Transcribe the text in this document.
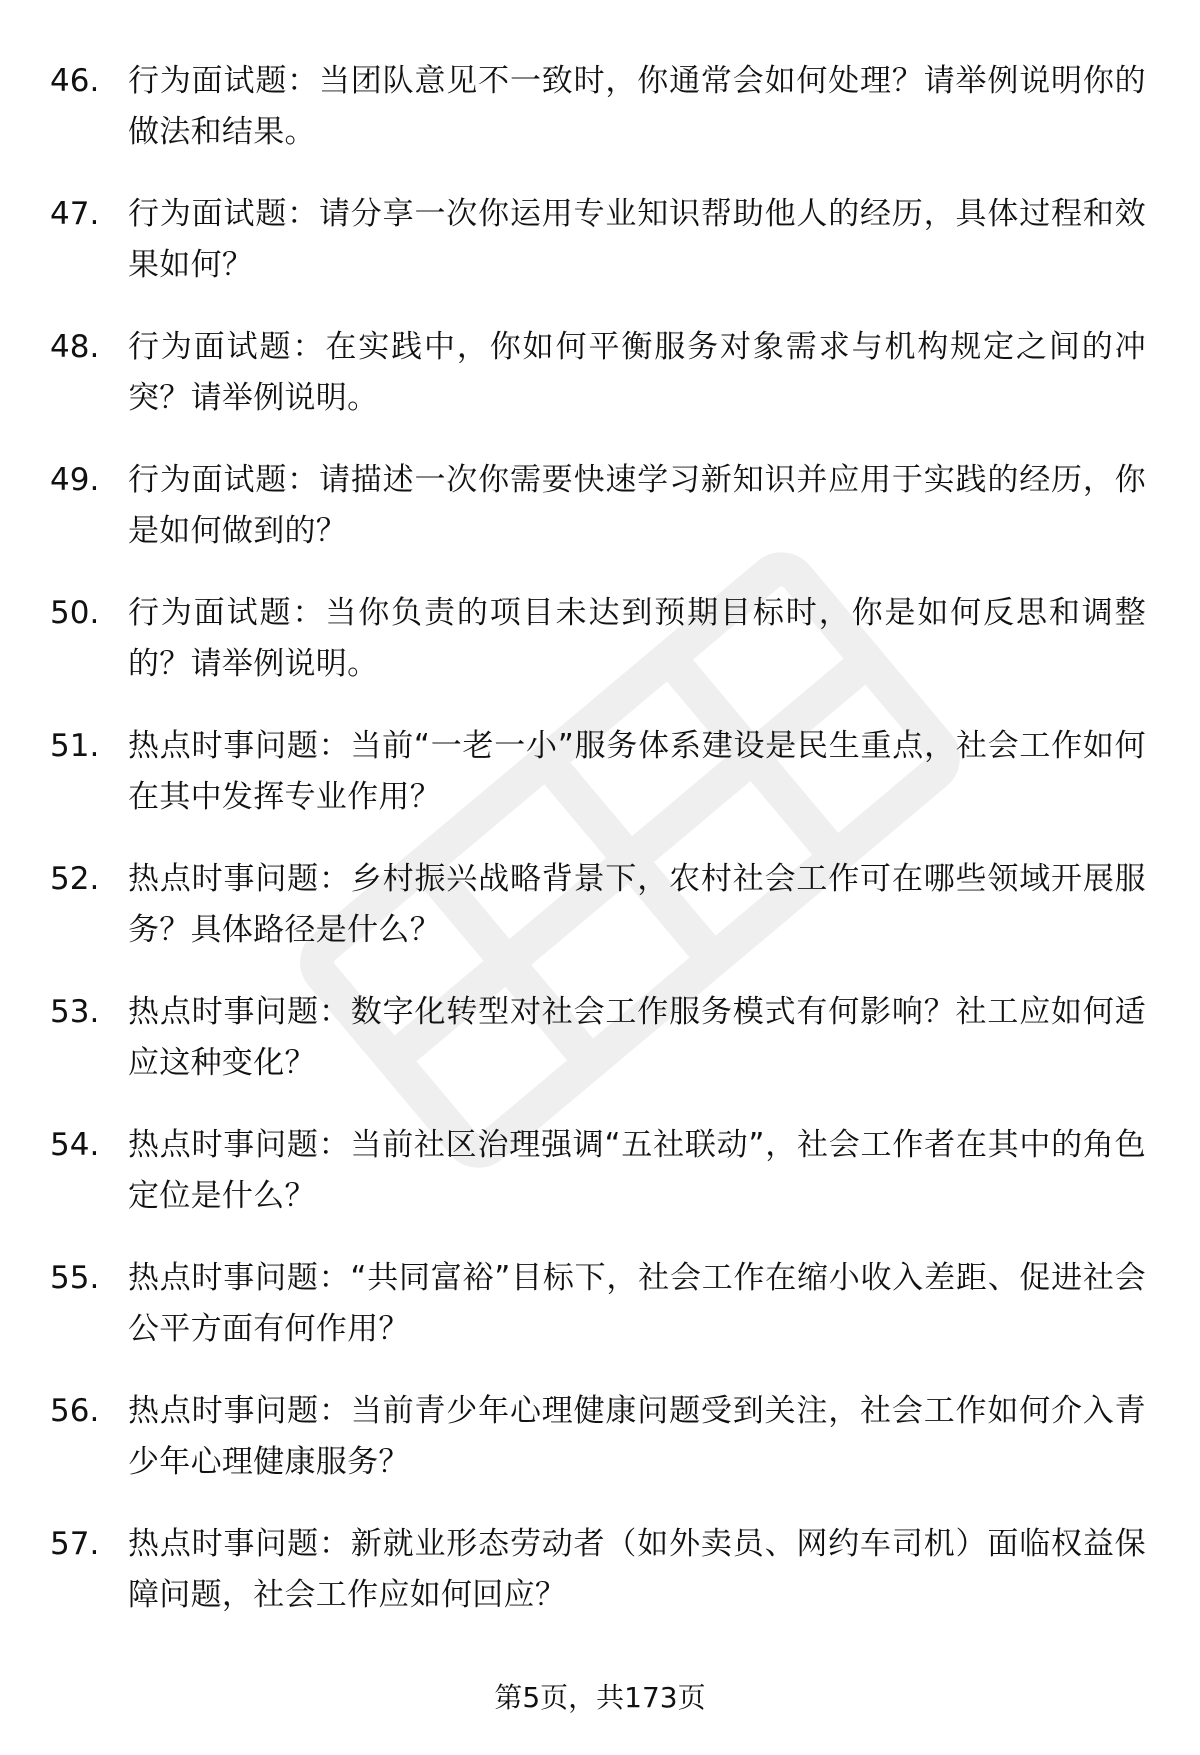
46. 行为面试题：当团队意见不一致时，你通常会如何处理？请举例说明你的做法和结果。
47. 行为面试题：请分享一次你运用专业知识帮助他人的经历，具体过程和效果如何？
48. 行为面试题：在实践中，你如何平衡服务对象需求与机构规定之间的冲突？请举例说明。
49. 行为面试题：请描述一次你需要快速学习新知识并应用于实践的经历，你是如何做到的？
50. 行为面试题：当你负责的项目未达到预期目标时，你是如何反思和调整的？请举例说明。
51. 热点时事问题：当前“一老一小”服务体系建设是民生重点，社会工作如何在其中发挥专业作用？
52. 热点时事问题：乡村振兴战略背景下，农村社会工作可在哪些领域开展服务？具体路径是什么？
53. 热点时事问题：数字化转型对社会工作服务模式有何影响？社工应如何适应这种变化？
54. 热点时事问题：当前社区治理强调“五社联动”，社会工作者在其中的角色定位是什么？
55. 热点时事问题：“共同富裕”目标下，社会工作在缩小收入差距、促进社会公平方面有何作用？
56. 热点时事问题：当前青少年心理健康问题受到关注，社会工作如何介入青少年心理健康服务？
57. 热点时事问题：新就业形态劳动者（如外卖员、网约车司机）面临权益保障问题，社会工作应如何回应？
第5页，共173页
